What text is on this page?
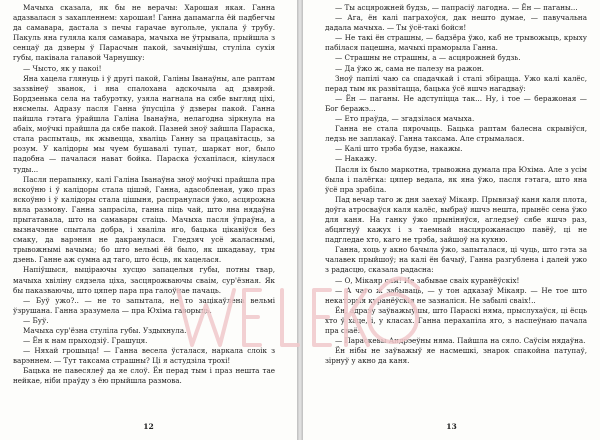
Мачыха сказала, як бы не верачы: Харошая якая. Ганна адазвалася з захапленнем: харошая! Ганна дапамагла ёй падбегчы да самавара, дастала з печы гарачае вугольле, уклала ў трубу. Пакуль яна гуляла каля самавара, мачыха не ўтрывала, прыйшла з сенцаў да дзверы ў Парасчын пакой, зачыніўшы, стуліла сухія губы, пакiвала галавой Чарнушку:

— Чысто, як у пакоі!

Яна хацела глянуць і ў другі пакой, Галіны Іванаўны, але раптам заззвінеў званок, і яна спалохана адскочыла ад дзвярэй. Бордзенька села на табурэтку, узяла нагнала на сябе выгляд ціхі, нясмелы. Адразу пасля Ганна ўпусціла ў дзверы пакой. Ганна пайшла гэтага ўрайшла Галіна Іванаўна, нелагодна зіркнула на абаіх, моўчкі прайшла да сябе пакой. Пазней зноў зайшла Параска, стала распытаць, як жывецца, хваліць Ганну за працавітасць, за розум. У калідоры мы чуем бушавалі тупат, шаркат ног, было падобна — пачалася нават бойка. Параска ўсхапілася, кінулася туды...

Пасля перапынку, калі Галіна Іванаўна зноў моўчкі прайшла пра яскоўню і ў калідоры стала цішэй, Ганна, адасобленая, ужо праз яскоўню і ў калідоры стала цішыня, распранулася ўжо, асцярожна вяла размову. Ганна запрасіла, ганна піць чай, што яна нядаўна прыгатавала, што на самавары стаіць. Мачыха пасля ўпраўна, а вызначэнне спытала добра, і хваліла яго, бацька цікавіўся без смаку, да варэння не дакранулася. Гледзяч усё жаласнымі, трывожнымі вачыма; бо што вельмі ёй было, як шкадавау, тры дзень. Ганне аж сумна ад таго, што ёсць, як хацелася.

Напіўшыся, выціраючы хусцю запацелыя губы, потны твар, мачыха хвіліну сядзела ціха, засцярожваючы сваім, сур'ёзная. Як бы паказваючы, што цяпер пара пра галоўнае пачаць.

— Буў ужо?.. — не то запытала, не то зацікаўлена вельмі ўзрушана. Ганна зразумела — пра Юхіма гаворыць.

— Буў.

Мачыха сур'ёзна стуліла губы. Уздыхнула.

— Ён к нам прыходзіў. Грашуця.

— Няхай грошыца! — Ганна весела ўсталася, наркала слоік з варэннем. — Тут таксама страшны? Ці я астудзіла трохі!

Бацька не павесялеў да яе слоў. Ён перад тым і праз нешта тае нейкае, ніби праўду з ёю прыйшла размова.

12

— Ты асцярожней будзь, — папрасіў лагодна. — Ён — паганы...

— Ага, ён калі паграхоўся, дак нешто думае, — павучальна дадала мачыха. — Ты ўсё-такі бойся!

— Не такі ён страшны, — бадзёра ўжо, каб не трывожыць, крыху пабілася пацешна, мачыхі праморыла Ганна.

— Страшны не страшны, а — асцярожней будзь.

— Да ўжо ж, сама не палезу на ражон.

Зноў папілі чаю са спадачкай і сталі збірацца. Ужо калі калёс, перад тым як развітацца, бацька ўсё яшчэ нагадваў:

— Ён — паганы. Не адступіцца так... Ну, і тое — беражоная — Бог беражэ...

— Ето праўда, — згадзілася мачыха.

Ганна не стала пярочыць. Бацька раптам балесна скрывіўся, ледзь не заплакаў. Ганна таксама. Але стрымалася.

— Калі што трэба будзе, накажы.

— Накажу.

Пасля іх было маркотна, трывожна думала пра Юхіма. Але з усім была і палёгка: цяпер ведала, як яна ўжо, пасля гэтага, што яна ўсё пра зрабіла.

Пад вечар таго ж дня заехаў Мікаяр. Прывязаў каня каля плота, доўга атросваўся каля калёс, выбраў яшчэ нешта, прынёс сена ўжо для каня. На ганку ўжо прыніняўся, агледзеў сябе яшчэ раз, абцягнуў кажух і з таемнай насцярожанасцю павёў, ці не падгледае хто, каго не трэба, зайшоў на кухню.

Ганна, хоць у акно бачыла ўжо, запыталася, ці чуць, што гэта за чалавек прыйшоў; на калі ён бачыў, Ганна разгублена і далей ужо з радасцю, сказала радасна:

— О, Мікаяр сам! Не забывае сваіх куранёўскіх!

— А чаго ж забываць, — у тон адказаў Мікаяр. — Не тое што некаторыя куранёўскія не зазналіся. Не забылі сваіх!..

Ён, адразу заўважыўшы, што Параскі няма, прыслухаўся, ці ёсць хто ў хаце, і, у класах. Ганна перахапіла яго, з наспеўнаю пачала пра сваё:

— Параскевы Андрэеўны няма. Пайшла на сяло. Саўсім нядаўна.

Ён нібы не заўважыў яе насмешкі, знарок спакойна патупаў, зірнуў у акно да каня.

13
